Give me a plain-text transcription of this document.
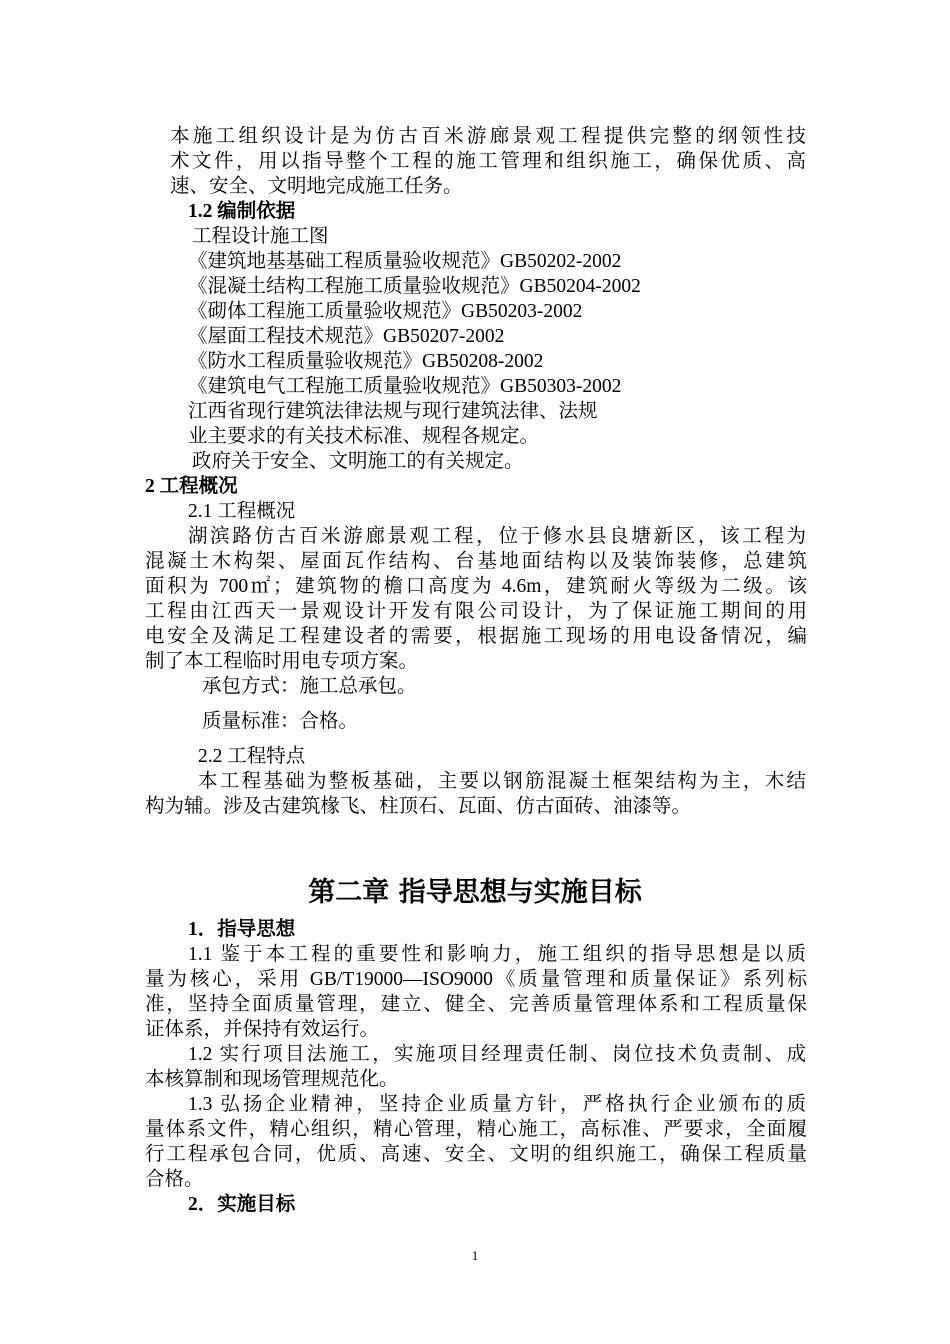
本施工组织设计是为仿古百米游廊景观工程提供完整的纲领性技
术文件，用以指导整个工程的施工管理和组织施工，确保优质、高
速、安全、文明地完成施工任务。
1.2 编制依据
工程设计施工图
《建筑地基基础工程质量验收规范》GB50202-2002
《混凝土结构工程施工质量验收规范》GB50204-2002
《砌体工程施工质量验收规范》GB50203-2002
《屋面工程技术规范》GB50207-2002
《防水工程质量验收规范》GB50208-2002
《建筑电气工程施工质量验收规范》GB50303-2002
江西省现行建筑法律法规与现行建筑法律、法规
业主要求的有关技术标准、规程各规定。
政府关于安全、文明施工的有关规定。
2 工程概况
2.1 工程概况
湖滨路仿古百米游廊景观工程，位于修水县良塘新区，该工程为
混凝土木构架、屋面瓦作结构、台基地面结构以及装饰装修，总建筑
面积为 700㎡；建筑物的檐口高度为 4.6m，建筑耐火等级为二级。该
工程由江西天一景观设计开发有限公司设计，为了保证施工期间的用
电安全及满足工程建设者的需要，根据施工现场的用电设备情况，编
制了本工程临时用电专项方案。
承包方式：施工总承包。
质量标准：合格。
2.2 工程特点
本工程基础为整板基础，主要以钢筋混凝土框架结构为主，木结
构为辅。涉及古建筑椽飞、柱顶石、瓦面、仿古面砖、油漆等。
第二章 指导思想与实施目标
1．指导思想
1.1 鉴于本工程的重要性和影响力，施工组织的指导思想是以质
量为核心，采用 GB/T19000—ISO9000《质量管理和质量保证》系列标
准，坚持全面质量管理，建立、健全、完善质量管理体系和工程质量保
证体系，并保持有效运行。
1.2 实行项目法施工，实施项目经理责任制、岗位技术负责制、成
本核算制和现场管理规范化。
1.3 弘扬企业精神，坚持企业质量方针，严格执行企业颁布的质
量体系文件，精心组织，精心管理，精心施工，高标准、严要求，全面履
行工程承包合同，优质、高速、安全、文明的组织施工，确保工程质量
合格。
2．实施目标
1
